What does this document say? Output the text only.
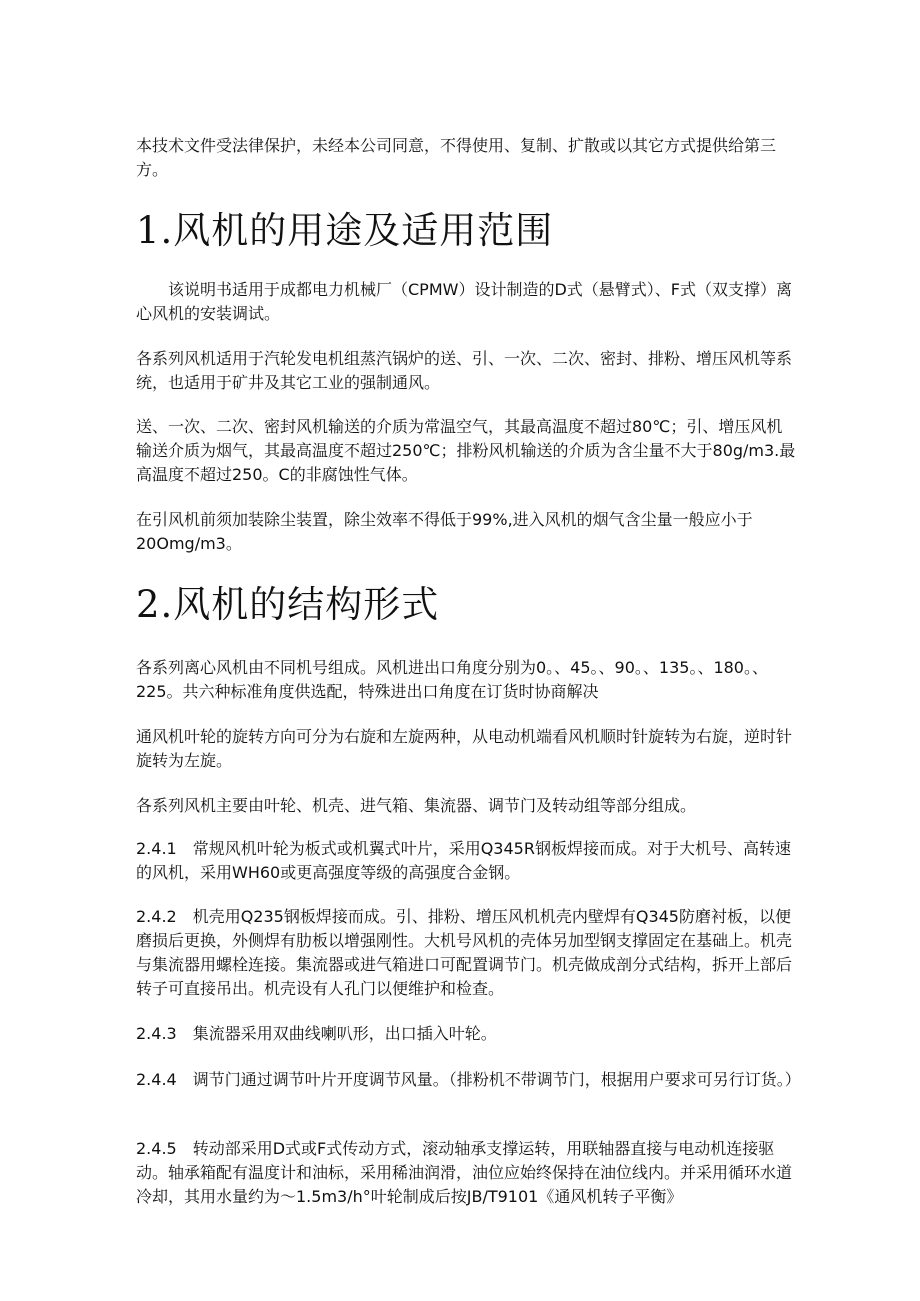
本技术文件受法律保护，未经本公司同意，不得使用、复制、扩散或以其它方式提供给第三方。

1.风机的用途及适用范围

　　该说明书适用于成都电力机械厂（CPMW）设计制造的D式（悬臂式）、F式（双支撑）离心风机的安装调试。

各系列风机适用于汽轮发电机组蒸汽锅炉的送、引、一次、二次、密封、排粉、增压风机等系统，也适用于矿井及其它工业的强制通风。

送、一次、二次、密封风机输送的介质为常温空气，其最高温度不超过80℃；引、增压风机输送介质为烟气，其最高温度不超过250℃；排粉风机输送的介质为含尘量不大于80g∕m3.最高温度不超过250。C的非腐蚀性气体。

在引风机前须加装除尘装置，除尘效率不得低于99%,进入风机的烟气含尘量一般应小于20Omg/m3。

2.风机的结构形式

各系列离心风机由不同机号组成。风机进出口角度分别为0。、45。、90。、135。、180。、225。共六种标准角度供选配，特殊进出口角度在订货时协商解决

通风机叶轮的旋转方向可分为右旋和左旋两种，从电动机端看风机顺时针旋转为右旋，逆时针旋转为左旋。

各系列风机主要由叶轮、机壳、进气箱、集流器、调节门及转动组等部分组成。

2.4.1　常规风机叶轮为板式或机翼式叶片，采用Q345R钢板焊接而成。对于大机号、高转速的风机，采用WH60或更高强度等级的高强度合金钢。

2.4.2　机壳用Q235钢板焊接而成。引、排粉、增压风机机壳内壁焊有Q345防磨衬板，以便磨损后更换，外侧焊有肋板以增强刚性。大机号风机的壳体另加型钢支撑固定在基础上。机壳与集流器用螺栓连接。集流器或进气箱进口可配置调节门。机壳做成剖分式结构，拆开上部后转子可直接吊出。机壳设有人孔门以便维护和检查。

2.4.3　集流器采用双曲线喇叭形，出口插入叶轮。

2.4.4　调节门通过调节叶片开度调节风量。（排粉机不带调节门，根据用户要求可另行订货。）

2.4.5　转动部采用D式或F式传动方式，滚动轴承支撑运转，用联轴器直接与电动机连接驱动。轴承箱配有温度计和油标，采用稀油润滑，油位应始终保持在油位线内。并采用循环水道冷却，其用水量约为～1.5m3∕h°叶轮制成后按JB/T9101《通风机转子平衡》
